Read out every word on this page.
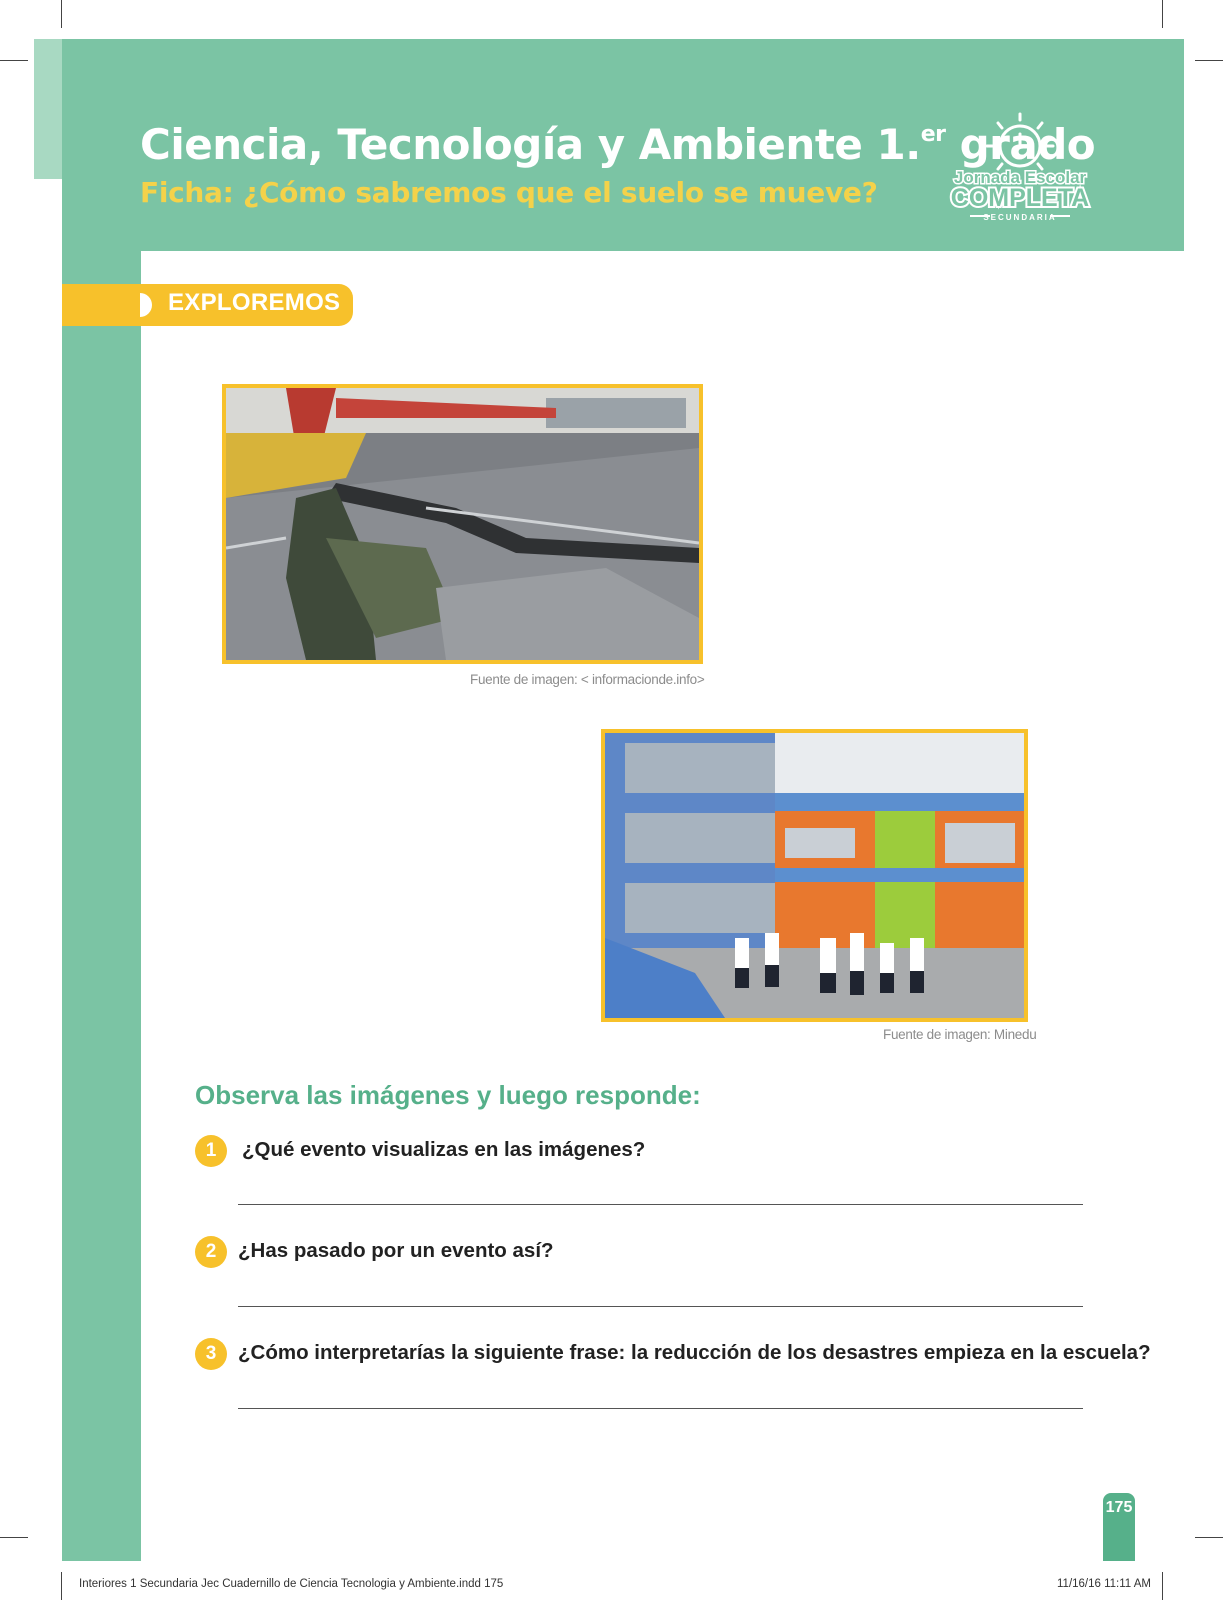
Ciencia, Tecnología y Ambiente 1.$^{er}$ grado
Ficha: ¿Cómo sabremos que el suelo se mueve?	Jornada Escolar
COMPLETA
SECUNDARIA
EXPLOREMOS
Fuente de imagen: < informacionde.info>
Fuente de imagen: Minedu
Observa las imágenes y luego responde:
1	¿Qué evento visualizas en las imágenes?
2	¿Has pasado por un evento así?
3	¿Cómo interpretarías la siguiente frase: la reducción de los desastres empieza en la escuela?
175
Interiores 1 Secundaria Jec Cuadernillo de Ciencia Tecnologia y Ambiente.indd 175	11/16/16 11:11 AM
